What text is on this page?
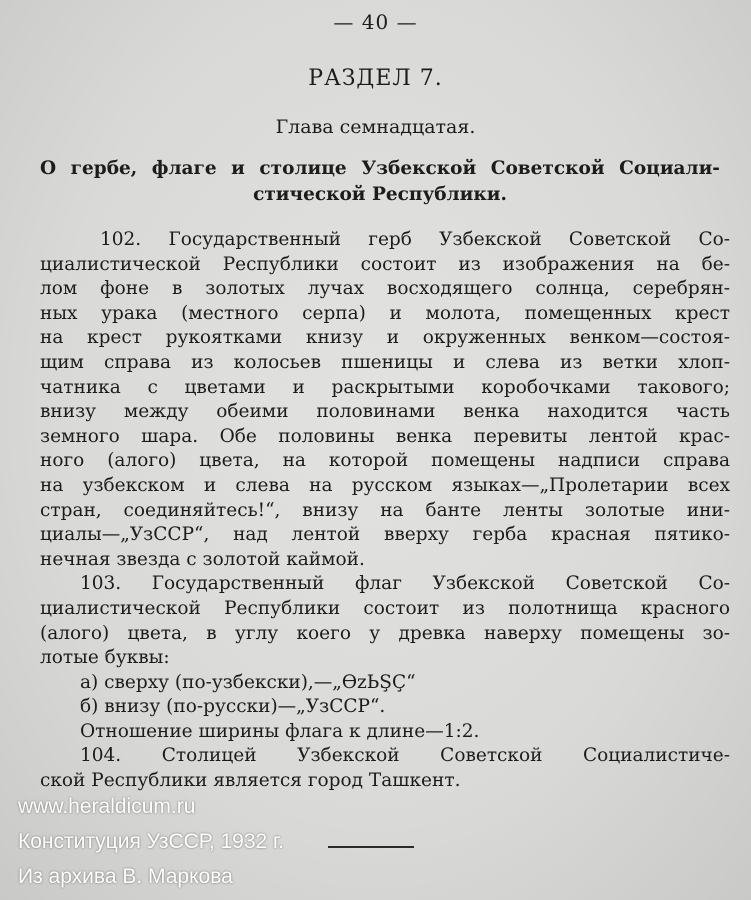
— 40 —
РАЗДЕЛ 7.
Глава семнадцатая.
О гербе, флаге и столице Узбекской Советской Социали-
стической Республики.
102. Государственный герб Узбекской Советской Со-
циалистической Республики состоит из изображения на бе-
лом фоне в золотых лучах восходящего солнца, серебрян-
ных урака (местного серпа) и молота, помещенных крест
на крест рукоятками книзу и окруженных венком—состоя-
щим справа из колосьев пшеницы и слева из ветки хлоп-
чатника с цветами и раскрытыми коробочками такового;
внизу между обеими половинами венка находится часть
земного шара. Обе половины венка перевиты лентой крас-
ного (алого) цвета, на которой помещены надписи справа
на узбекском и слева на русском языках—„Пролетарии всех
стран, соединяйтесь!“, внизу на банте ленты золотые ини-
циалы—„УзССР“, над лентой вверху герба красная пятико-
нечная звезда с золотой каймой.
103. Государственный флаг Узбекской Советской Со-
циалистической Республики состоит из полотнища красного
(алого) цвета, в углу коего у древка наверху помещены зо-
лотые буквы:
а) сверху (по-узбекски),—„ӨzЬŞÇ“
б) внизу (по-русски)—„УзССР“.
Отношение ширины флага к длине—1:2.
104. Столицей Узбекской Советской Социалистиче-
ской Республики является город Ташкент.
www.heraldicum.ru
Конституция УзССР, 1932 г.
Из архива В. Маркова
